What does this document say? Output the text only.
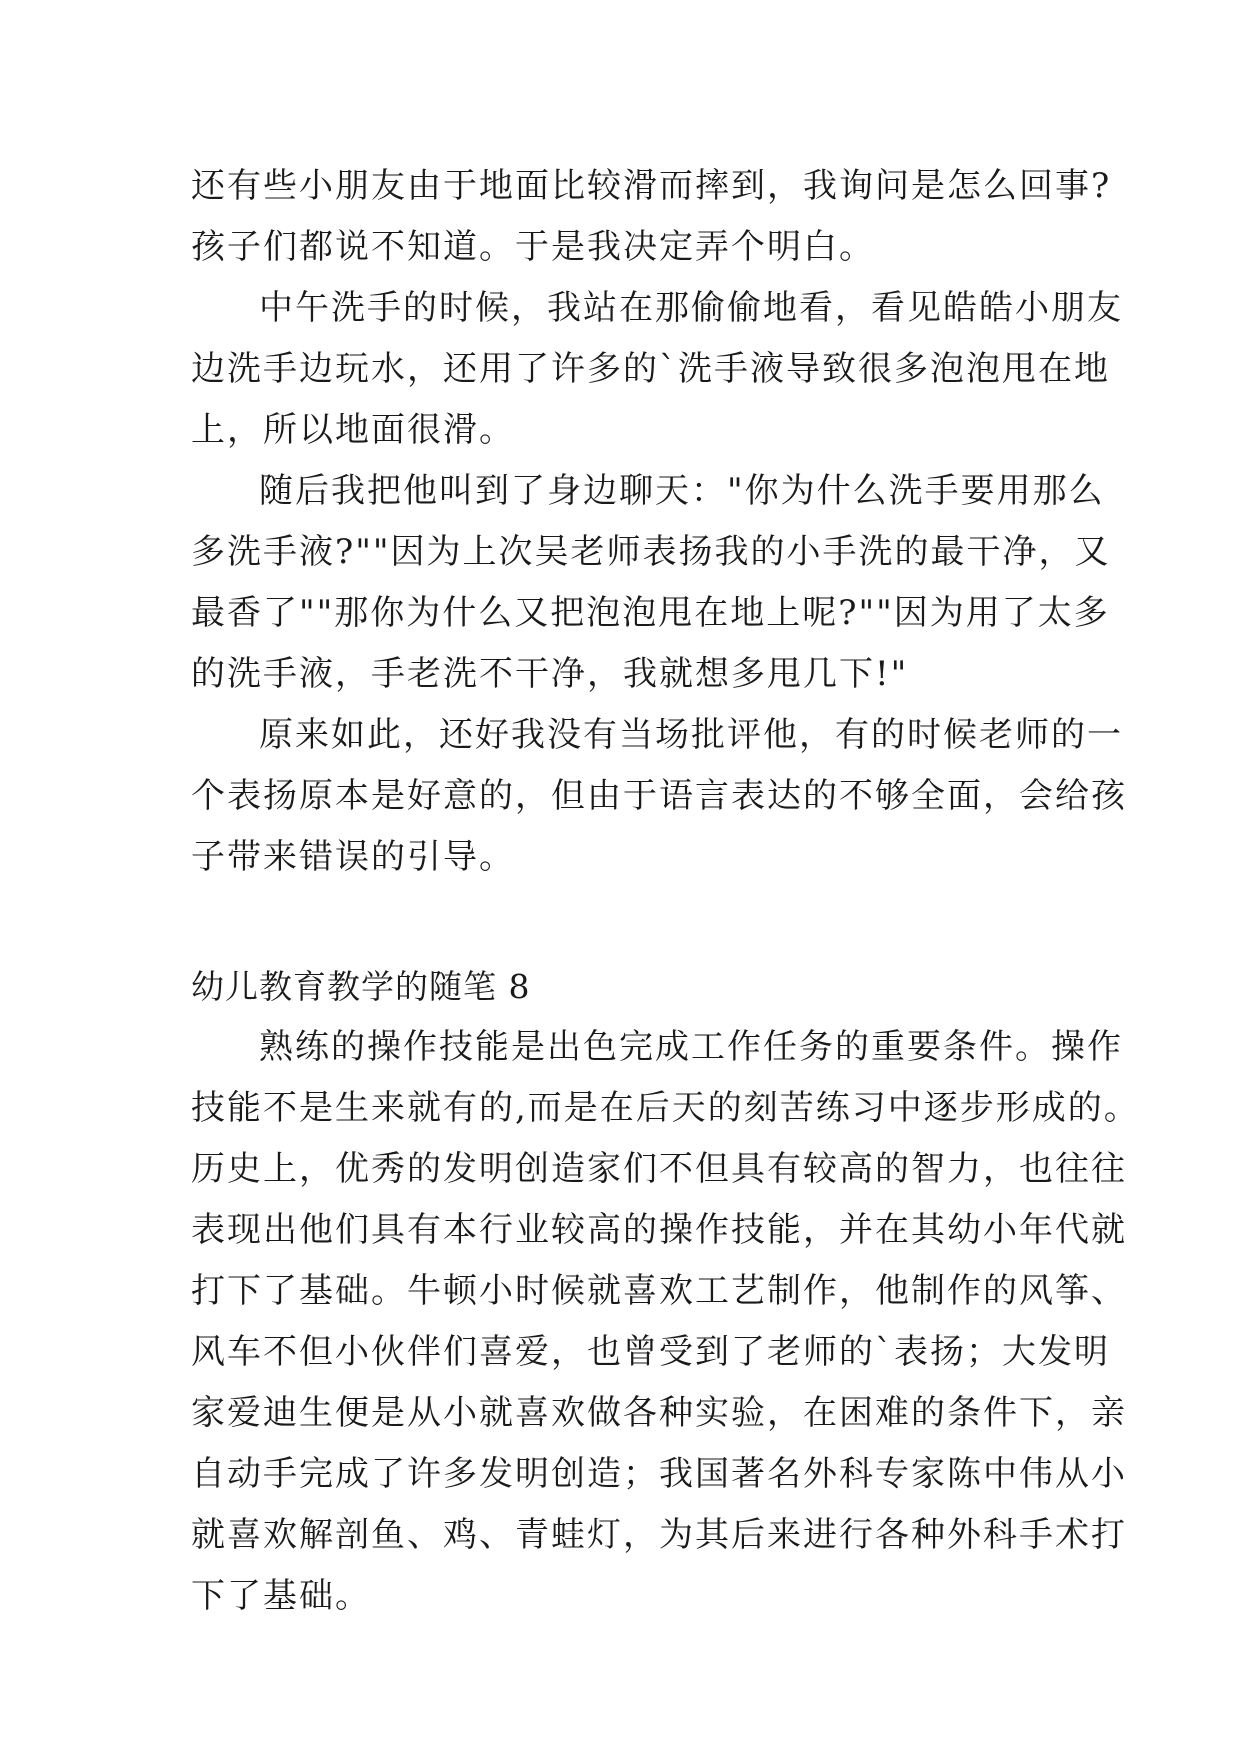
还有些小朋友由于地面比较滑而摔到，我询问是怎么回事?
孩子们都说不知道。于是我决定弄个明白。
中午洗手的时候，我站在那偷偷地看，看见皓皓小朋友
边洗手边玩水，还用了许多的`洗手液导致很多泡泡甩在地
上，所以地面很滑。
随后我把他叫到了身边聊天："你为什么洗手要用那么
多洗手液?""因为上次吴老师表扬我的小手洗的最干净，又
最香了""那你为什么又把泡泡甩在地上呢?""因为用了太多
的洗手液，手老洗不干净，我就想多甩几下!"
原来如此，还好我没有当场批评他，有的时候老师的一
个表扬原本是好意的，但由于语言表达的不够全面，会给孩
子带来错误的引导。
幼儿教育教学的随笔 8
熟练的操作技能是出色完成工作任务的重要条件。操作
技能不是生来就有的,而是在后天的刻苦练习中逐步形成的。
历史上，优秀的发明创造家们不但具有较高的智力，也往往
表现出他们具有本行业较高的操作技能，并在其幼小年代就
打下了基础。牛顿小时候就喜欢工艺制作，他制作的风筝、
风车不但小伙伴们喜爱，也曾受到了老师的`表扬；大发明
家爱迪生便是从小就喜欢做各种实验，在困难的条件下，亲
自动手完成了许多发明创造；我国著名外科专家陈中伟从小
就喜欢解剖鱼、鸡、青蛙灯，为其后来进行各种外科手术打
下了基础。
